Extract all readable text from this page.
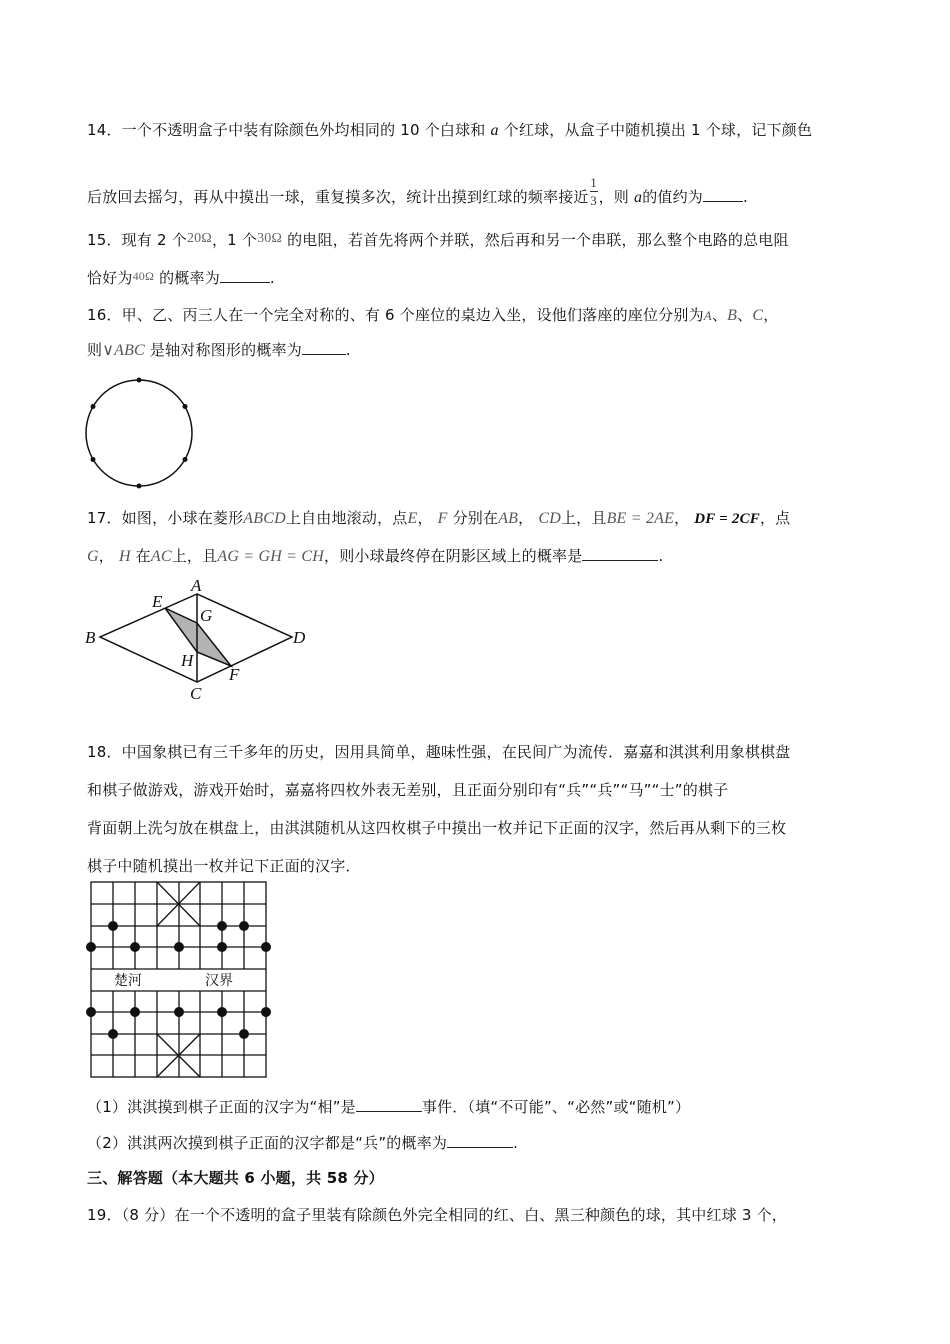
14．一个不透明盒子中装有除颜色外均相同的 10 个白球和 a 个红球，从盒子中随机摸出 1 个球，记下颜色
后放回去摇匀，再从中摸出一球，重复摸多次，统计出摸到红球的频率接近 $\frac{1}{3}$ ，则 a的值约为	.
15．现有 2 个20Ω，1 个30Ω 的电阻，若首先将两个并联，然后再和另一个串联，那么整个电路的总电阻
恰好为$^{40\Omega}$ 的概率为	.
16．甲、乙、丙三人在一个完全对称的、有 6 个座位的桌边入坐，设他们落座的座位分别为A、B、C，
则∨ABC 是轴对称图形的概率为	.
17．如图，小球在菱形ABCD上自由地滚动，点E， F 分别在AB， CD上，且BE = 2AE， DF = 2CF，点
G， H 在AC上，且AG = GH = CH，则小球最终停在阴影区域上的概率是	.
A
B
C
D
E
F
G
H
18．中国象棋已有三千多年的历史，因用具简单，趣味性强，在民间广为流传．嘉嘉和淇淇利用象棋棋盘
和棋子做游戏，游戏开始时，嘉嘉将四枚外表无差别，且正面分别印有“兵”“兵”“马”“士”的棋子
背面朝上洗匀放在棋盘上，由淇淇随机从这四枚棋子中摸出一枚并记下正面的汉字，然后再从剩下的三枚
棋子中随机摸出一枚并记下正面的汉字．
楚河	汉界
（1）淇淇摸到棋子正面的汉字为“相”是	事件．（填“不可能”、“必然”或“随机”）
（2）淇淇两次摸到棋子正面的汉字都是“兵”的概率为	.
三、解答题（本大题共 6 小题，共 58 分）
19．（8 分）在一个不透明的盒子里装有除颜色外完全相同的红、白、黑三种颜色的球，其中红球 3 个，
